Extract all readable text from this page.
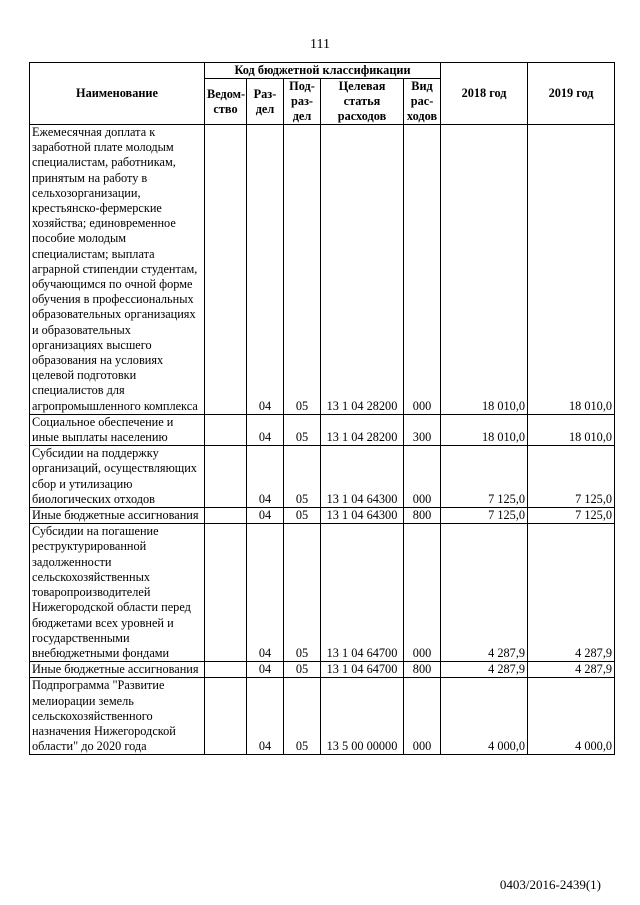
111
Наименование	Код бюджетной классификации					2018 год	2019 год
	Ведом-ство	Раз-дел	Под-раз-дел	Целевая статья расходов	Вид рас-ходов		
Ежемесячная доплата к заработной плате молодым специалистам, работникам, принятым на работу в сельхозорганизации, крестьянско-фермерские хозяйства; единовременное пособие молодым специалистам; выплата аграрной стипендии студентам, обучающимся по очной форме обучения в профессиональных образовательных организациях и образовательных организациях высшего образования на условиях целевой подготовки специалистов для агропромышленного комплекса		04	05	13 1 04 28200	000	18 010,0	18 010,0
Социальное обеспечение и иные выплаты населению		04	05	13 1 04 28200	300	18 010,0	18 010,0
Субсидии на поддержку организаций, осуществляющих сбор и утилизацию биологических отходов		04	05	13 1 04 64300	000	7 125,0	7 125,0
Иные бюджетные ассигнования		04	05	13 1 04 64300	800	7 125,0	7 125,0
Субсидии на погашение реструктурированной задолженности сельскохозяйственных товаропроизводителей Нижегородской области перед бюджетами всех уровней и государственными внебюджетными фондами		04	05	13 1 04 64700	000	4 287,9	4 287,9
Иные бюджетные ассигнования		04	05	13 1 04 64700	800	4 287,9	4 287,9
Подпрограмма "Развитие мелиорации земель сельскохозяйственного назначения Нижегородской области" до 2020 года		04	05	13 5 00 00000	000	4 000,0	4 000,0
0403/2016-2439(1)
